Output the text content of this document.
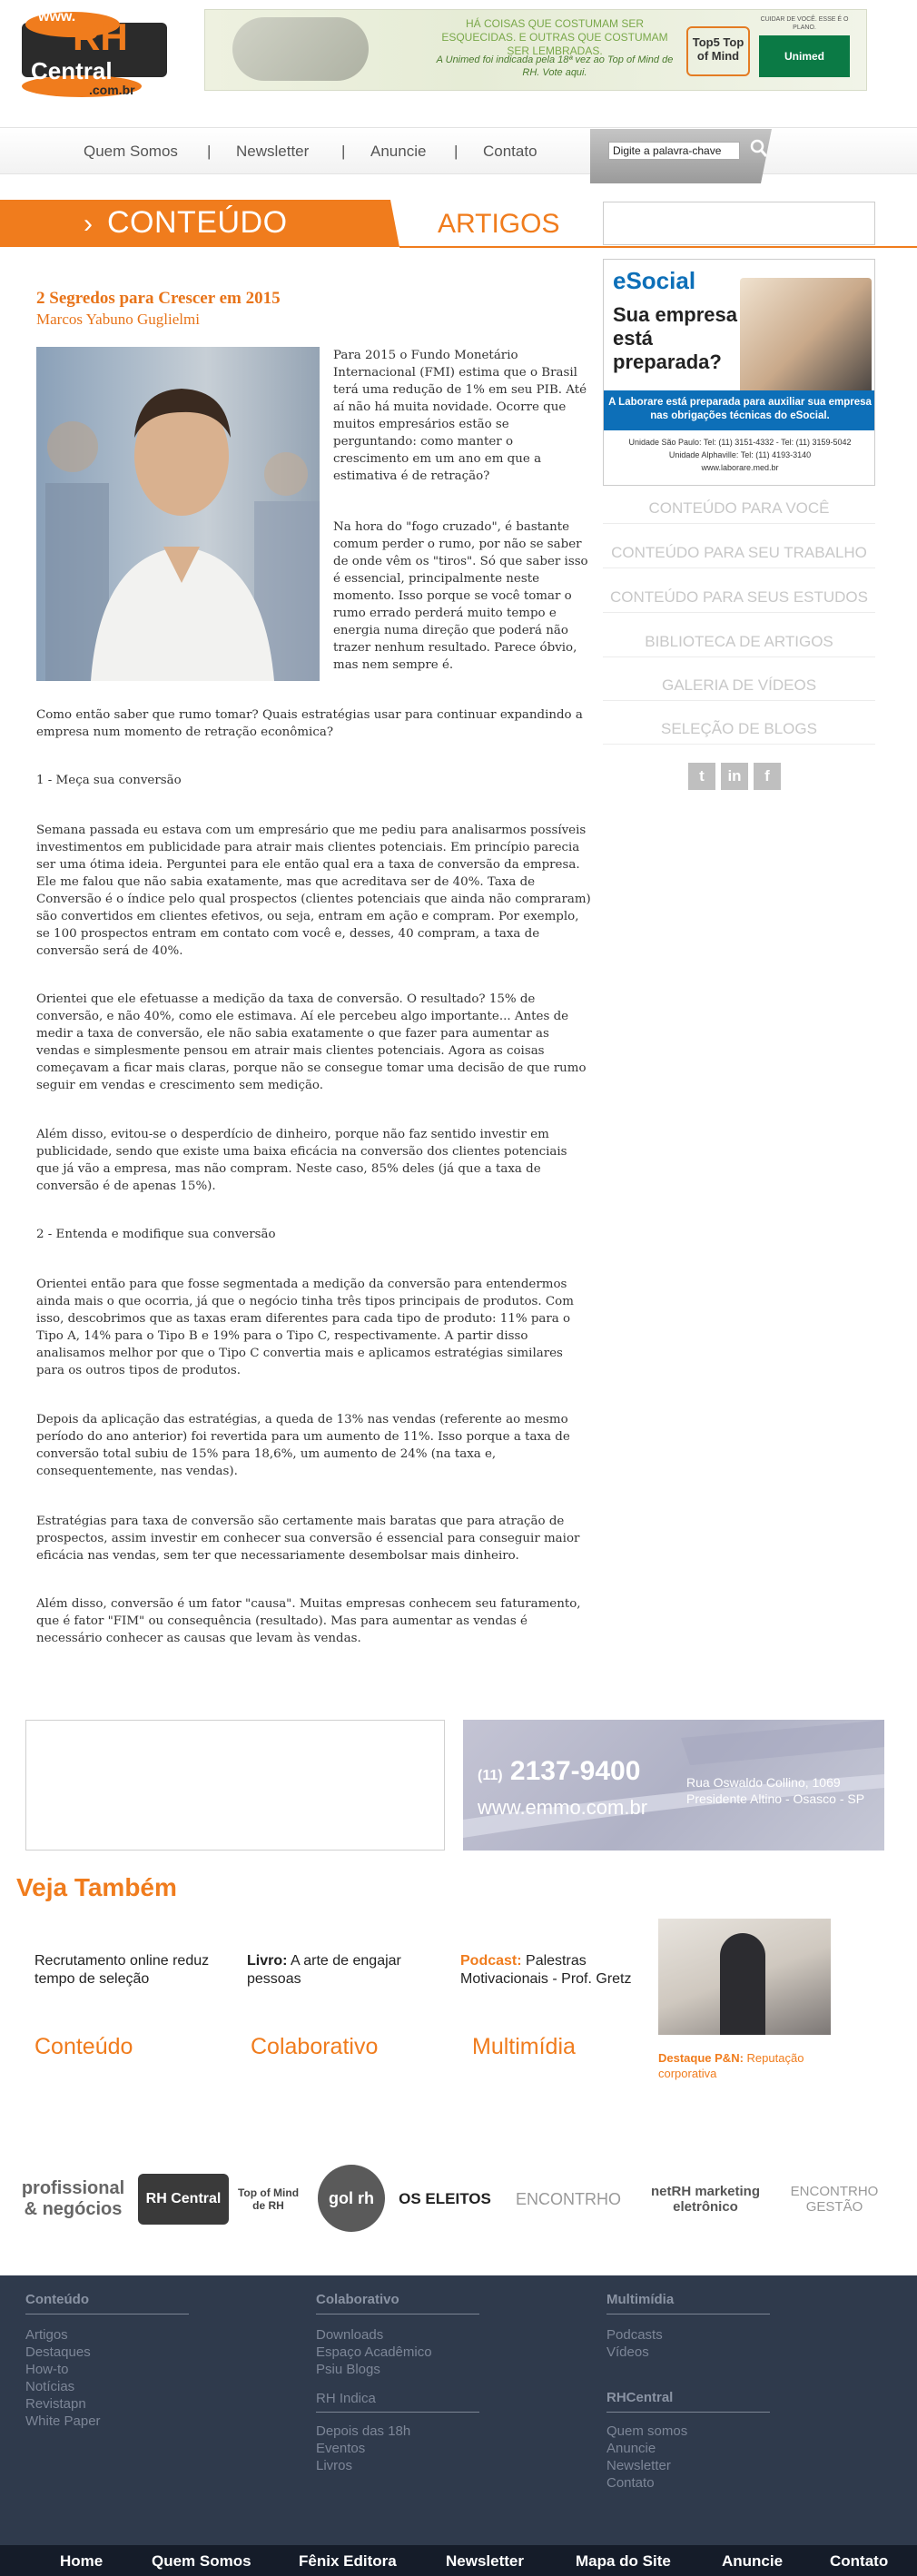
www.
RH
Central
.com.br
HÁ COISAS QUE COSTUMAM SER ESQUECIDAS. E OUTRAS QUE COSTUMAM SER LEMBRADAS.
A Unimed foi indicada pela 18ª vez ao Top of Mind de RH. Vote aqui.
Top5 Top of Mind
CUIDAR DE VOCÊ. ESSE É O PLANO.
Unimed
Quem Somos | Newsletter | Anuncie | Contato
Digite a palavra-chave
› CONTEÚDO	ARTIGOS
2 Segredos para Crescer em 2015
Marcos Yabuno Guglielmi

Para 2015 o Fundo Monetário Internacional (FMI) estima que o Brasil terá uma redução de 1% em seu PIB. Até aí não há muita novidade. Ocorre que muitos empresários estão se perguntando: como manter o crescimento em um ano em que a estimativa é de retração?

Na hora do "fogo cruzado", é bastante comum perder o rumo, por não se saber de onde vêm os "tiros". Só que saber isso é essencial, principalmente neste momento. Isso porque se você tomar o rumo errado perderá muito tempo e energia numa direção que poderá não trazer nenhum resultado. Parece óbvio, mas nem sempre é.

Como então saber que rumo tomar? Quais estratégias usar para continuar expandindo a empresa num momento de retração econômica?

1 - Meça sua conversão

Semana passada eu estava com um empresário que me pediu para analisarmos possíveis investimentos em publicidade para atrair mais clientes potenciais. Em princípio parecia ser uma ótima ideia. Perguntei para ele então qual era a taxa de conversão da empresa. Ele me falou que não sabia exatamente, mas que acreditava ser de 40%. Taxa de Conversão é o índice pelo qual prospectos (clientes potenciais que ainda não compraram) são convertidos em clientes efetivos, ou seja, entram em ação e compram. Por exemplo, se 100 prospectos entram em contato com você e, desses, 40 compram, a taxa de conversão será de 40%.

Orientei que ele efetuasse a medição da taxa de conversão. O resultado? 15% de conversão, e não 40%, como ele estimava. Aí ele percebeu algo importante... Antes de medir a taxa de conversão, ele não sabia exatamente o que fazer para aumentar as vendas e simplesmente pensou em atrair mais clientes potenciais. Agora as coisas começavam a ficar mais claras, porque não se consegue tomar uma decisão de que rumo seguir em vendas e crescimento sem medição.

Além disso, evitou-se o desperdício de dinheiro, porque não faz sentido investir em publicidade, sendo que existe uma baixa eficácia na conversão dos clientes potenciais que já vão a empresa, mas não compram. Neste caso, 85% deles (já que a taxa de conversão é de apenas 15%).

2 - Entenda e modifique sua conversão

Orientei então para que fosse segmentada a medição da conversão para entendermos ainda mais o que ocorria, já que o negócio tinha três tipos principais de produtos. Com isso, descobrimos que as taxas eram diferentes para cada tipo de produto: 11% para o Tipo A, 14% para o Tipo B e 19% para o Tipo C, respectivamente. A partir disso analisamos melhor por que o Tipo C convertia mais e aplicamos estratégias similares para os outros tipos de produtos.

Depois da aplicação das estratégias, a queda de 13% nas vendas (referente ao mesmo período do ano anterior) foi revertida para um aumento de 11%. Isso porque a taxa de conversão total subiu de 15% para 18,6%, um aumento de 24% (na taxa e, consequentemente, nas vendas).

Estratégias para taxa de conversão são certamente mais baratas que para atração de prospectos, assim investir em conhecer sua conversão é essencial para conseguir maior eficácia nas vendas, sem ter que necessariamente desembolsar mais dinheiro.

Além disso, conversão é um fator "causa". Muitas empresas conhecem seu faturamento, que é fator "FIM" ou consequência (resultado). Mas para aumentar as vendas é necessário conhecer as causas que levam às vendas.

eSocial
Sua empresa está preparada?
A Laborare está preparada para auxiliar sua empresa nas obrigações técnicas do eSocial.
Unidade São Paulo: Tel: (11) 3151-4332 - Tel: (11) 3159-5042
Unidade Alphaville: Tel: (11) 4193-3140
www.laborare.med.br
CONTEÚDO PARA VOCÊ
CONTEÚDO PARA SEU TRABALHO
CONTEÚDO PARA SEUS ESTUDOS
BIBLIOTECA DE ARTIGOS
GALERIA DE VÍDEOS
SELEÇÃO DE BLOGS
t	in	f
(11) 2137-9400
www.emmo.com.br
Rua Oswaldo Collino, 1069
Presidente Altino - Osasco - SP
Veja Também
Recrutamento online reduz tempo de seleção
Livro: A arte de engajar pessoas
Podcast: Palestras Motivacionais - Prof. Gretz
Conteúdo	Colaborativo	Multimídia	Destaque P&N: Reputação corporativa
profissional & negócios
RH Central	Top of Mind de RH	gol rh	OS ELEITOS	ENCONTRHO	netRH marketing eletrônico
ENCONTRHO GESTÃO
Conteúdo
Artigos
Destaques
How-to
Notícias
Revistapn
White Paper
Colaborativo
Downloads
Espaço Acadêmico
Psiu Blogs
RH Indica
Depois das 18h
Eventos
Livros
Multimídia
Podcasts
Vídeos
RHCentral
Quem somos
Anuncie
Newsletter
Contato
Home	Quem Somos	Fênix Editora	Newsletter	Mapa do Site	Anuncie	Contato
